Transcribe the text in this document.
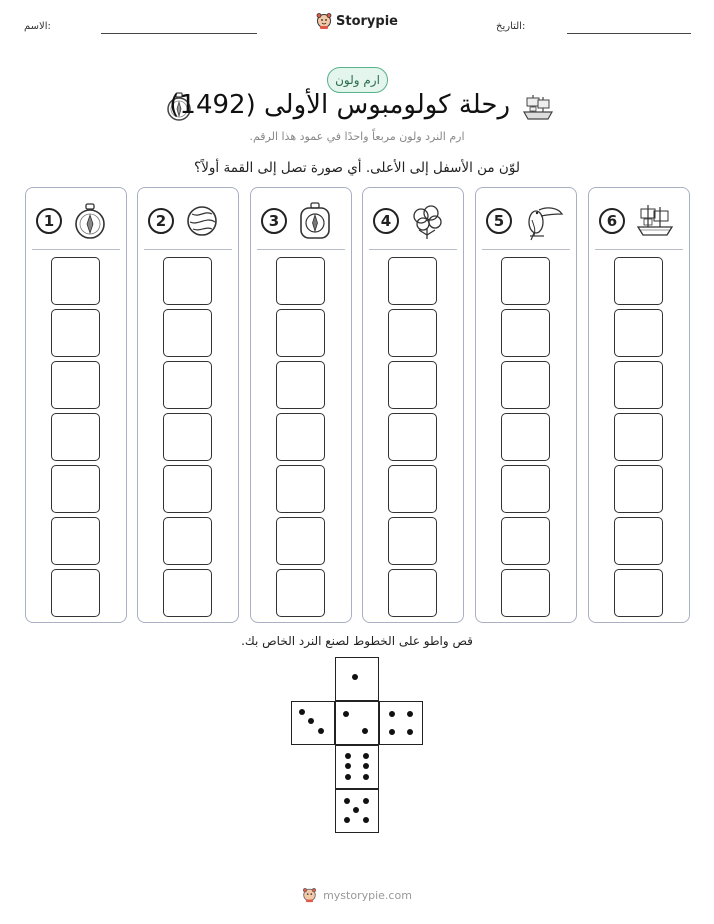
الاسم:	التاريخ:
Storypie
ارم ولون
رحلة كولومبوس الأولى (1492)
ارم النرد ولون مربعاً واحدًا في عمود هذا الرقم.
لوّن من الأسفل إلى الأعلى. أي صورة تصل إلى القمة أولاً؟
1	2	3	4	5	6
قص واطو على الخطوط لصنع النرد الخاص بك.
mystorypie.com
